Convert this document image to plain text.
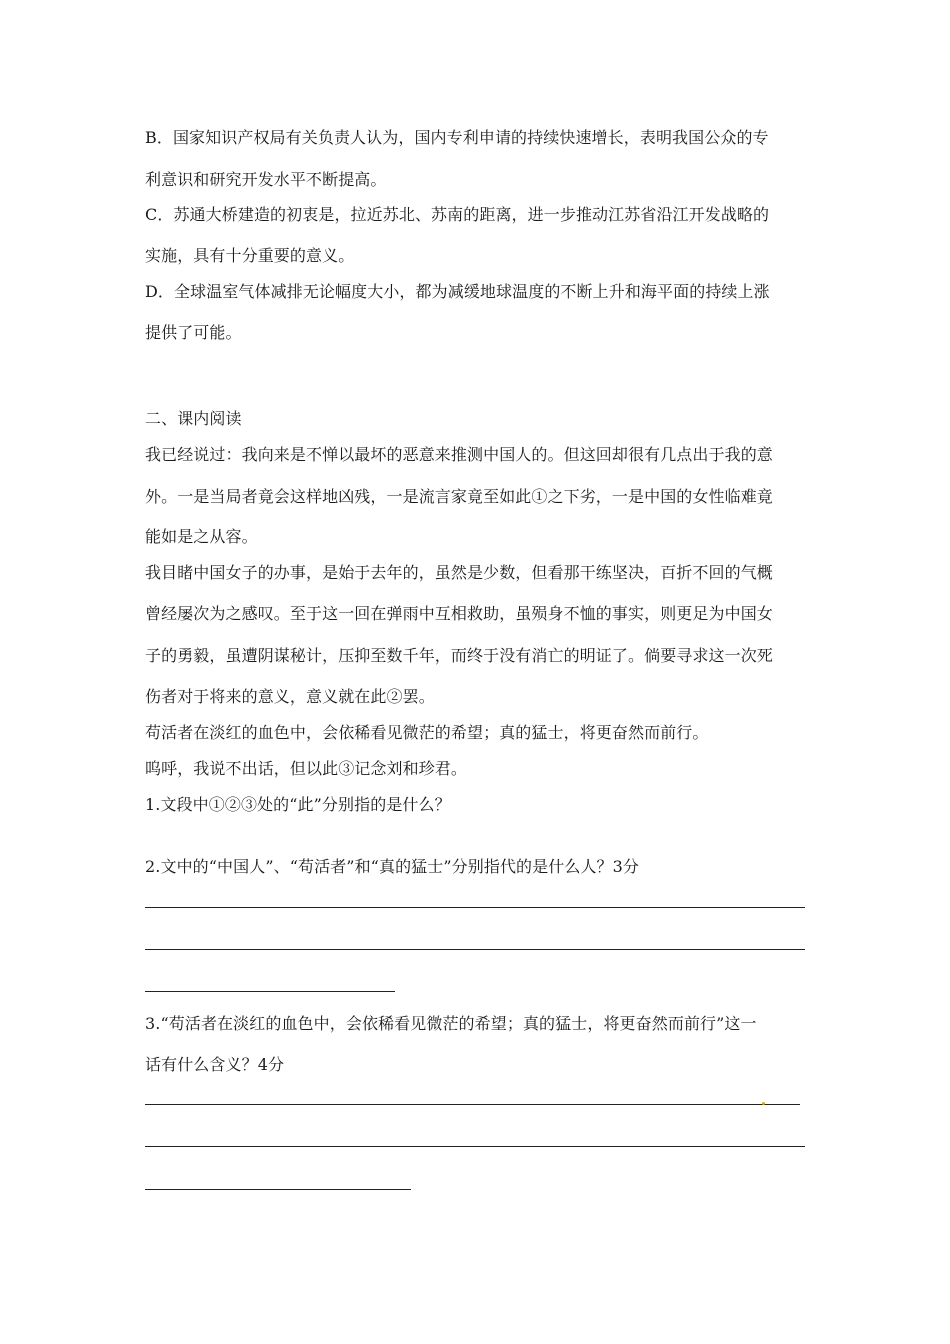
B．国家知识产权局有关负责人认为，国内专利申请的持续快速增长，表明我国公众的专
利意识和研究开发水平不断提高。
C．苏通大桥建造的初衷是，拉近苏北、苏南的距离，进一步推动江苏省沿江开发战略的
实施，具有十分重要的意义。
D．全球温室气体减排无论幅度大小，都为减缓地球温度的不断上升和海平面的持续上涨
提供了可能。
二、课内阅读
我已经说过：我向来是不惮以最坏的恶意来推测中国人的。但这回却很有几点出于我的意
外。一是当局者竟会这样地凶残，一是流言家竟至如此①之下劣，一是中国的女性临难竟
能如是之从容。
我目睹中国女子的办事，是始于去年的，虽然是少数，但看那干练坚决，百折不回的气概
曾经屡次为之感叹。至于这一回在弹雨中互相救助，虽殒身不恤的事实，则更足为中国女
子的勇毅，虽遭阴谋秘计，压抑至数千年，而终于没有消亡的明证了。倘要寻求这一次死
伤者对于将来的意义，意义就在此②罢。
苟活者在淡红的血色中，会依稀看见微茫的希望；真的猛士，将更奋然而前行。
呜呼，我说不出话，但以此③记念刘和珍君。
1.文段中①②③处的“此”分别指的是什么？
2.文中的“中国人”、“苟活者”和“真的猛士”分别指代的是什么人？3分
3.“苟活者在淡红的血色中，会依稀看见微茫的希望；真的猛士，将更奋然而前行”这一
话有什么含义？4分
